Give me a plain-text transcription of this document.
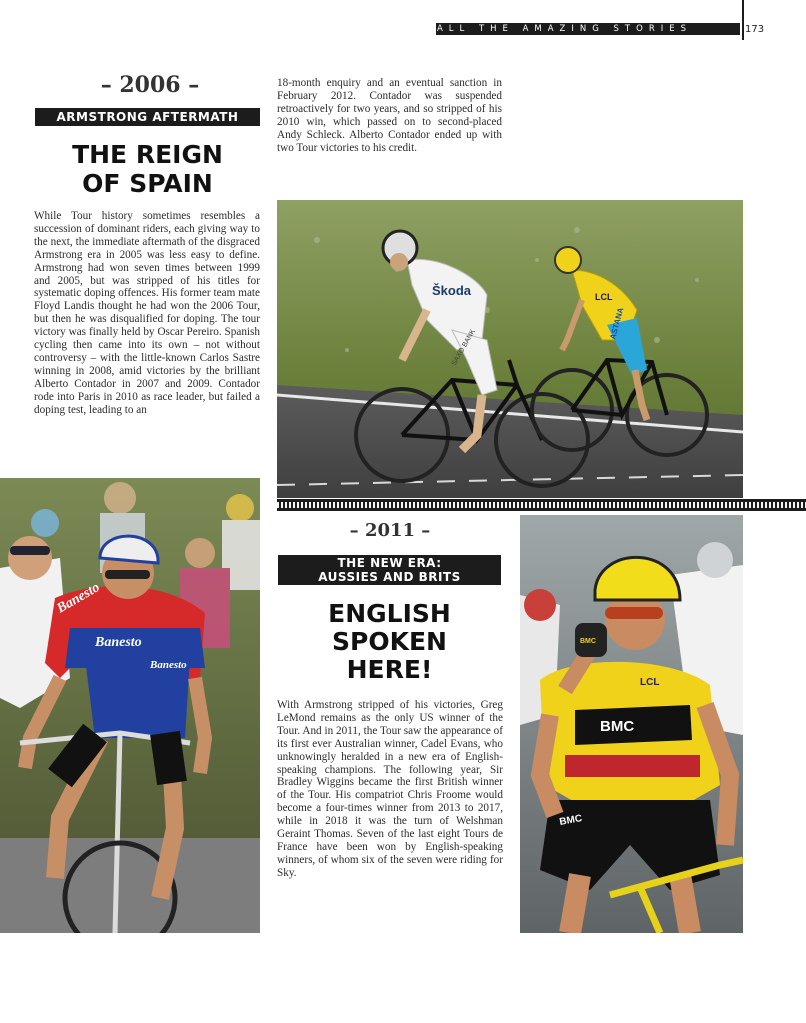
ALL THE AMAZING STORIES	173
– 2006 –
ARMSTRONG AFTERMATH
THE REIGN
OF SPAIN

While Tour history sometimes resembles a succession of dominant riders, each giving way to the next, the immediate aftermath of the disgraced Armstrong era in 2005 was less easy to define. Armstrong had won seven times between 1999 and 2005, but was stripped of his titles for systematic doping offences. His former team mate Floyd Landis thought he had won the 2006 Tour, but then he was disqualified for doping. The tour victory was finally held by Oscar Pereiro. Spanish cycling then came into its own – not without controversy – with the little-known Carlos Sastre winning in 2008, amid victories by the brilliant Alberto Contador in 2007 and 2009. Contador rode into Paris in 2010 as race leader, but failed a doping test, leading to an

18-month enquiry and an eventual sanction in February 2012. Contador was suspended retroactively for two years, and so stripped of his 2010 win, which passed on to second-placed Andy Schleck. Alberto Contador ended up with two Tour victories to his credit.

Škoda
SAXO BANK
LCL
ASTANA
Banesto
Banesto
Banesto
– 2011 –
THE NEW ERA:
AUSSIES AND BRITS
ENGLISH
SPOKEN
HERE!

With Armstrong stripped of his victories, Greg LeMond remains as the only US winner of the Tour. And in 2011, the Tour saw the appearance of its first ever Australian winner, Cadel Evans, who unknowingly heralded in a new era of English-speaking champions. The following year, Sir Bradley Wiggins became the first British winner of the Tour. His compatriot Chris Froome would become a four-times winner from 2013 to 2017, while in 2018 it was the turn of Welshman Geraint Thomas. Seven of the last eight Tours de France have been won by English-speaking winners, of whom six of the seven were riding for Sky.

BMC
LCL
BMC
BMC
